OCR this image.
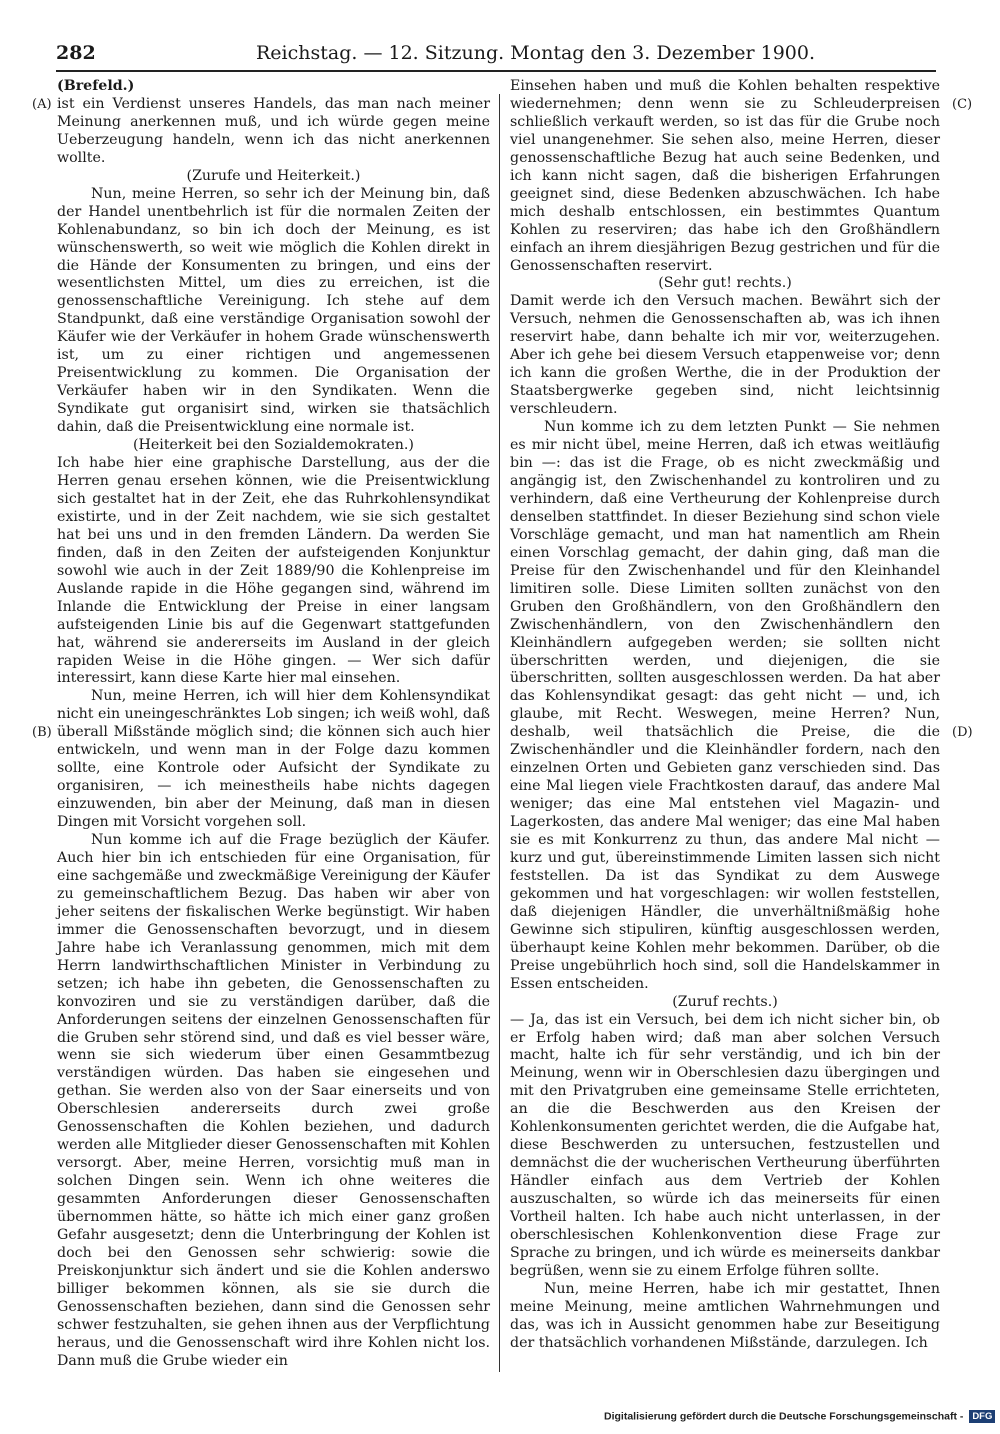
282	Reichstag. — 12. Sitzung. Montag den 3. Dezember 1900.
(A)
(B)
(C)
(D)

(Brefeld.)

ist ein Verdienst unseres Handels, das man nach meiner Meinung anerkennen muß, und ich würde gegen meine Ueberzeugung handeln, wenn ich das nicht anerkennen wollte.

(Zurufe und Heiterkeit.)

Nun, meine Herren, so sehr ich der Meinung bin, daß der Handel unentbehrlich ist für die normalen Zeiten der Kohlenabundanz, so bin ich doch der Meinung, es ist wünschenswerth, so weit wie möglich die Kohlen direkt in die Hände der Konsumenten zu bringen, und eins der wesentlichsten Mittel, um dies zu erreichen, ist die genossenschaftliche Vereinigung. Ich stehe auf dem Standpunkt, daß eine verständige Organisation sowohl der Käufer wie der Verkäufer in hohem Grade wünschenswerth ist, um zu einer richtigen und angemessenen Preisentwicklung zu kommen. Die Organisation der Verkäufer haben wir in den Syndikaten. Wenn die Syndikate gut organisirt sind, wirken sie thatsächlich dahin, daß die Preisentwicklung eine normale ist.

(Heiterkeit bei den Sozialdemokraten.)

Ich habe hier eine graphische Darstellung, aus der die Herren genau ersehen können, wie die Preisentwicklung sich gestaltet hat in der Zeit, ehe das Ruhrkohlensyndikat existirte, und in der Zeit nachdem, wie sie sich gestaltet hat bei uns und in den fremden Ländern. Da werden Sie finden, daß in den Zeiten der aufsteigenden Konjunktur sowohl wie auch in der Zeit 1889/90 die Kohlenpreise im Auslande rapide in die Höhe gegangen sind, während im Inlande die Entwicklung der Preise in einer langsam aufsteigenden Linie bis auf die Gegenwart stattgefunden hat, während sie andererseits im Ausland in der gleich rapiden Weise in die Höhe gingen. — Wer sich dafür interessirt, kann diese Karte hier mal einsehen.

Nun, meine Herren, ich will hier dem Kohlensyndikat nicht ein uneingeschränktes Lob singen; ich weiß wohl, daß überall Mißstände möglich sind; die können sich auch hier entwickeln, und wenn man in der Folge dazu kommen sollte, eine Kontrole oder Aufsicht der Syndikate zu organisiren, — ich meinestheils habe nichts dagegen einzuwenden, bin aber der Meinung, daß man in diesen Dingen mit Vorsicht vorgehen soll.

Nun komme ich auf die Frage bezüglich der Käufer. Auch hier bin ich entschieden für eine Organisation, für eine sachgemäße und zweckmäßige Vereinigung der Käufer zu gemeinschaftlichem Bezug. Das haben wir aber von jeher seitens der fiskalischen Werke begünstigt. Wir haben immer die Genossenschaften bevorzugt, und in diesem Jahre habe ich Veranlassung genommen, mich mit dem Herrn landwirthschaftlichen Minister in Verbindung zu setzen; ich habe ihn gebeten, die Genossenschaften zu konvoziren und sie zu verständigen darüber, daß die Anforderungen seitens der einzelnen Genossenschaften für die Gruben sehr störend sind, und daß es viel besser wäre, wenn sie sich wiederum über einen Gesammtbezug verständigen würden. Das haben sie eingesehen und gethan. Sie werden also von der Saar einerseits und von Oberschlesien andererseits durch zwei große Genossenschaften die Kohlen beziehen, und dadurch werden alle Mitglieder dieser Genossenschaften mit Kohlen versorgt. Aber, meine Herren, vorsichtig muß man in solchen Dingen sein. Wenn ich ohne weiteres die gesammten Anforderungen dieser Genossenschaften übernommen hätte, so hätte ich mich einer ganz großen Gefahr ausgesetzt; denn die Unterbringung der Kohlen ist doch bei den Genossen sehr schwierig: sowie die Preiskonjunktur sich ändert und sie die Kohlen anderswo billiger bekommen können, als sie sie durch die Genossenschaften beziehen, dann sind die Genossen sehr schwer festzuhalten, sie gehen ihnen aus der Verpflichtung heraus, und die Genossenschaft wird ihre Kohlen nicht los. Dann muß die Grube wieder ein

Einsehen haben und muß die Kohlen behalten respektive wiedernehmen; denn wenn sie zu Schleuderpreisen schließlich verkauft werden, so ist das für die Grube noch viel unangenehmer. Sie sehen also, meine Herren, dieser genossenschaftliche Bezug hat auch seine Bedenken, und ich kann nicht sagen, daß die bisherigen Erfahrungen geeignet sind, diese Bedenken abzuschwächen. Ich habe mich deshalb entschlossen, ein bestimmtes Quantum Kohlen zu reserviren; das habe ich den Großhändlern einfach an ihrem diesjährigen Bezug gestrichen und für die Genossenschaften reservirt.

(Sehr gut! rechts.)

Damit werde ich den Versuch machen. Bewährt sich der Versuch, nehmen die Genossenschaften ab, was ich ihnen reservirt habe, dann behalte ich mir vor, weiterzugehen. Aber ich gehe bei diesem Versuch etappenweise vor; denn ich kann die großen Werthe, die in der Produktion der Staatsbergwerke gegeben sind, nicht leichtsinnig verschleudern.

Nun komme ich zu dem letzten Punkt — Sie nehmen es mir nicht übel, meine Herren, daß ich etwas weitläufig bin —: das ist die Frage, ob es nicht zweckmäßig und angängig ist, den Zwischenhandel zu kontroliren und zu verhindern, daß eine Vertheurung der Kohlenpreise durch denselben stattfindet. In dieser Beziehung sind schon viele Vorschläge gemacht, und man hat namentlich am Rhein einen Vorschlag gemacht, der dahin ging, daß man die Preise für den Zwischenhandel und für den Kleinhandel limitiren solle. Diese Limiten sollten zunächst von den Gruben den Großhändlern, von den Großhändlern den Zwischenhändlern, von den Zwischenhändlern den Kleinhändlern aufgegeben werden; sie sollten nicht überschritten werden, und diejenigen, die sie überschritten, sollten ausgeschlossen werden. Da hat aber das Kohlensyndikat gesagt: das geht nicht — und, ich glaube, mit Recht. Weswegen, meine Herren? Nun, deshalb, weil thatsächlich die Preise, die die Zwischenhändler und die Kleinhändler fordern, nach den einzelnen Orten und Gebieten ganz verschieden sind. Das eine Mal liegen viele Frachtkosten darauf, das andere Mal weniger; das eine Mal entstehen viel Magazin- und Lagerkosten, das andere Mal weniger; das eine Mal haben sie es mit Konkurrenz zu thun, das andere Mal nicht — kurz und gut, übereinstimmende Limiten lassen sich nicht feststellen. Da ist das Syndikat zu dem Auswege gekommen und hat vorgeschlagen: wir wollen feststellen, daß diejenigen Händler, die unverhältnißmäßig hohe Gewinne sich stipuliren, künftig ausgeschlossen werden, überhaupt keine Kohlen mehr bekommen. Darüber, ob die Preise ungebührlich hoch sind, soll die Handelskammer in Essen entscheiden.

(Zuruf rechts.)

— Ja, das ist ein Versuch, bei dem ich nicht sicher bin, ob er Erfolg haben wird; daß man aber solchen Versuch macht, halte ich für sehr verständig, und ich bin der Meinung, wenn wir in Oberschlesien dazu übergingen und mit den Privatgruben eine gemeinsame Stelle errichteten, an die die Beschwerden aus den Kreisen der Kohlenkonsumenten gerichtet werden, die die Aufgabe hat, diese Beschwerden zu untersuchen, festzustellen und demnächst die der wucherischen Vertheurung überführten Händler einfach aus dem Vertrieb der Kohlen auszuschalten, so würde ich das meinerseits für einen Vortheil halten. Ich habe auch nicht unterlassen, in der oberschlesischen Kohlenkonvention diese Frage zur Sprache zu bringen, und ich würde es meinerseits dankbar begrüßen, wenn sie zu einem Erfolge führen sollte.

Nun, meine Herren, habe ich mir gestattet, Ihnen meine Meinung, meine amtlichen Wahrnehmungen und das, was ich in Aussicht genommen habe zur Beseitigung der thatsächlich vorhandenen Mißstände, darzulegen. Ich

Digitalisierung gefördert durch die Deutsche Forschungsgemeinschaft - DFG
